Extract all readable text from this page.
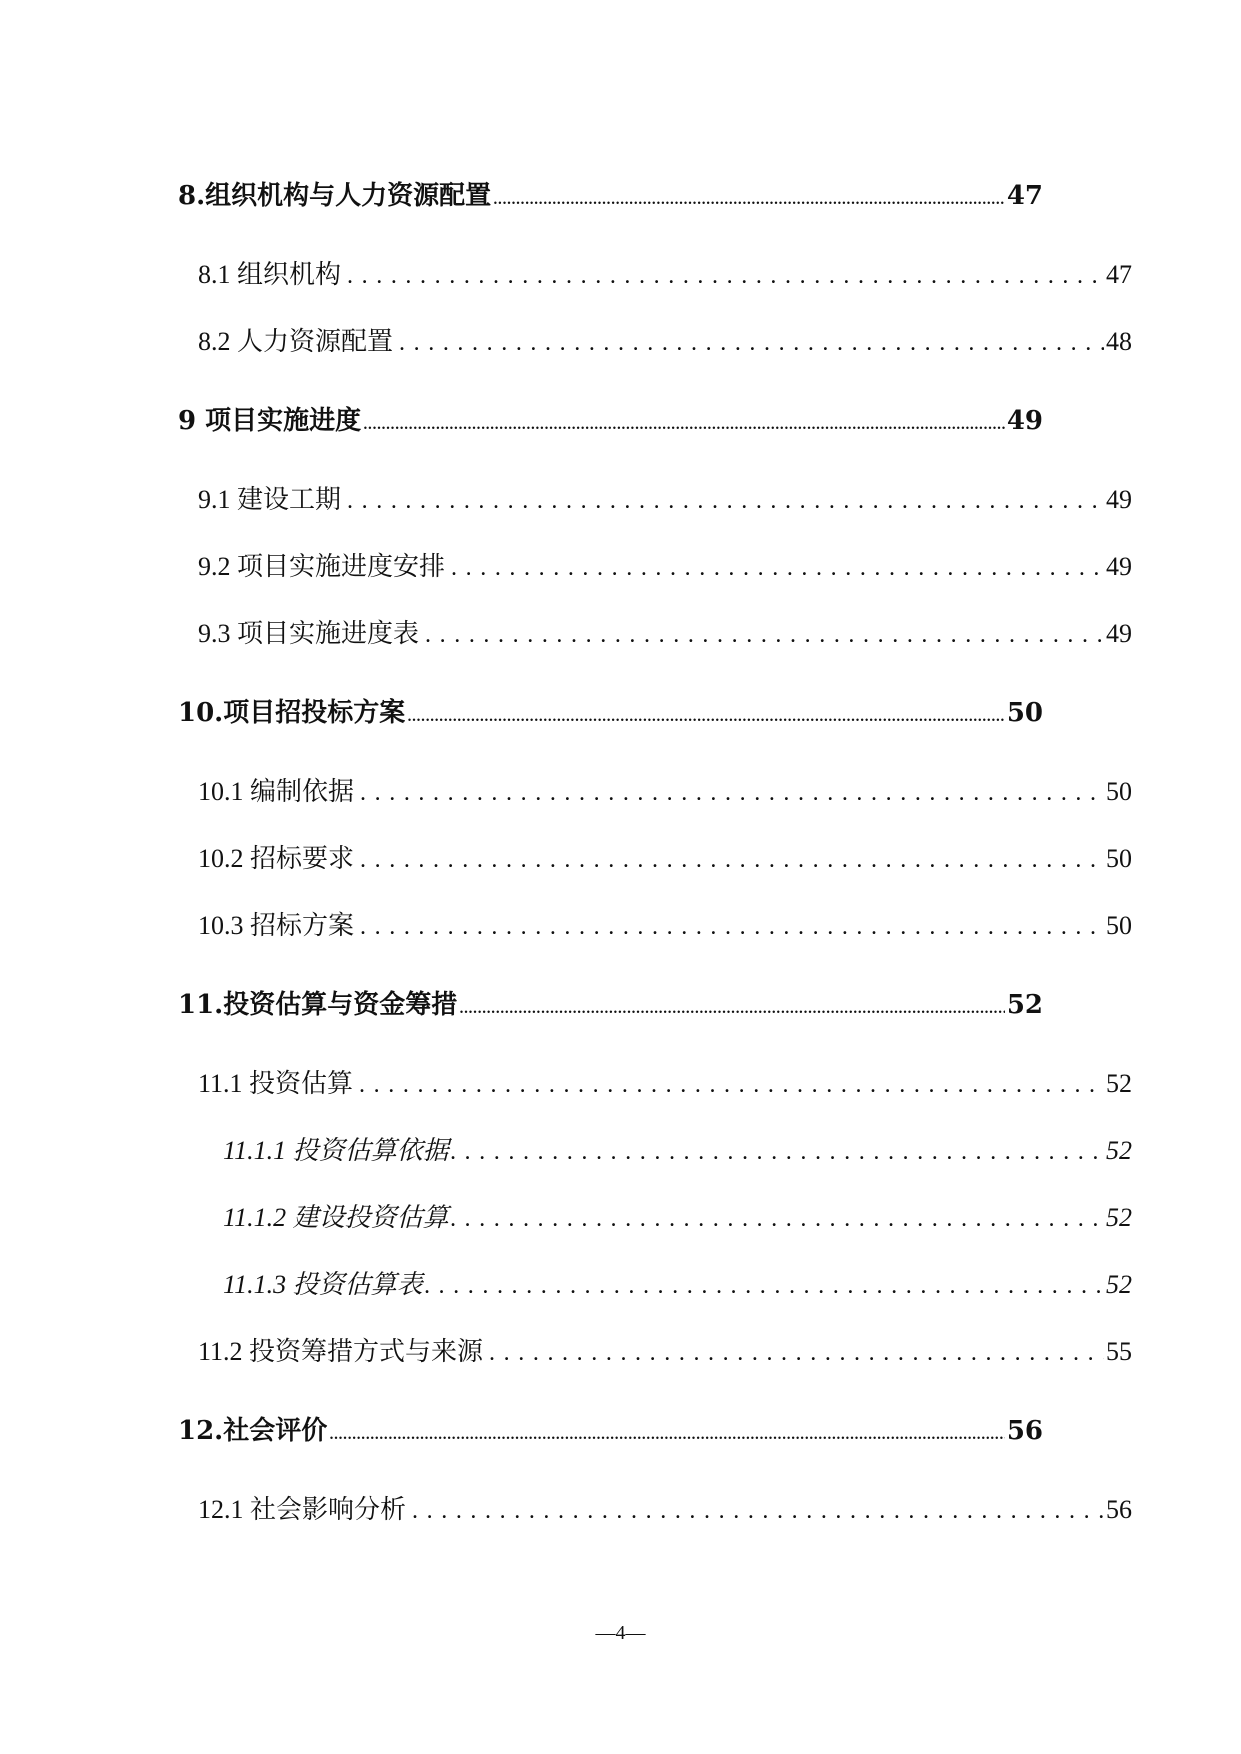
8.组织机构与人力资源配置 .....	47
8.1 组织机构 .....	47
8.2 人力资源配置 .....	48
9 项目实施进度 .....	49
9.1 建设工期 .....	49
9.2 项目实施进度安排 .....	49
9.3 项目实施进度表 .....	49
10.项目招投标方案 .....	50
10.1 编制依据 .....	50
10.2 招标要求 .....	50
10.3 招标方案 .....	50
11.投资估算与资金筹措 .....	52
11.1 投资估算 .....	52
11.1.1 投资估算依据 .....	52
11.1.2 建设投资估算 .....	52
11.1.3 投资估算表 .....	52
11.2 投资筹措方式与来源 .....	55
12.社会评价 .....	56
12.1 社会影响分析 .....	56
—4—
